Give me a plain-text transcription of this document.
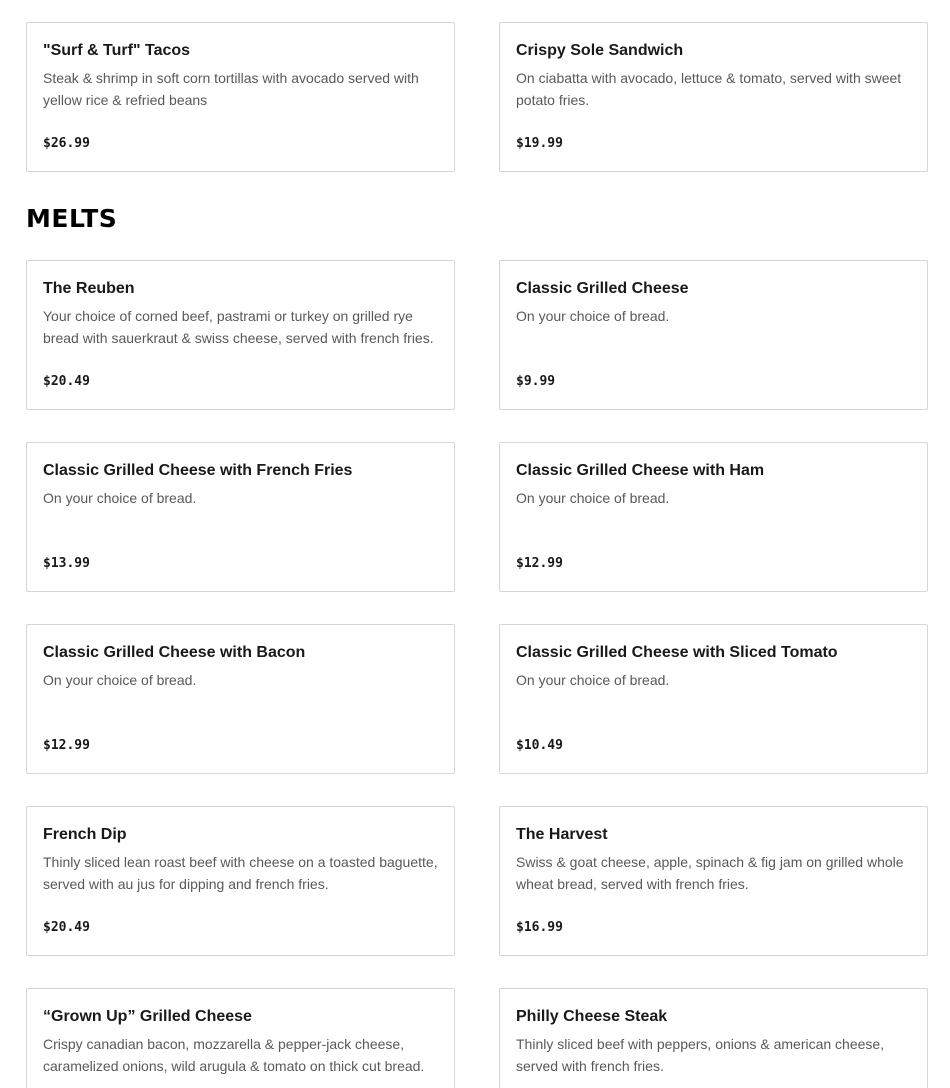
"Surf & Turf" Tacos
Steak & shrimp in soft corn tortillas with avocado served with yellow rice & refried beans
$26.99
Crispy Sole Sandwich
On ciabatta with avocado, lettuce & tomato, served with sweet potato fries.
$19.99
MELTS
The Reuben
Your choice of corned beef, pastrami or turkey on grilled rye bread with sauerkraut & swiss cheese, served with french fries.
$20.49
Classic Grilled Cheese
On your choice of bread.
$9.99
Classic Grilled Cheese with French Fries
On your choice of bread.
$13.99
Classic Grilled Cheese with Ham
On your choice of bread.
$12.99
Classic Grilled Cheese with Bacon
On your choice of bread.
$12.99
Classic Grilled Cheese with Sliced Tomato
On your choice of bread.
$10.49
French Dip
Thinly sliced lean roast beef with cheese on a toasted baguette, served with au jus for dipping and french fries.
$20.49
The Harvest
Swiss & goat cheese, apple, spinach & fig jam on grilled whole wheat bread, served with french fries.
$16.99
“Grown Up” Grilled Cheese
Crispy canadian bacon, mozzarella & pepper-jack cheese, caramelized onions, wild arugula & tomato on thick cut bread.
Philly Cheese Steak
Thinly sliced beef with peppers, onions & american cheese, served with french fries.
